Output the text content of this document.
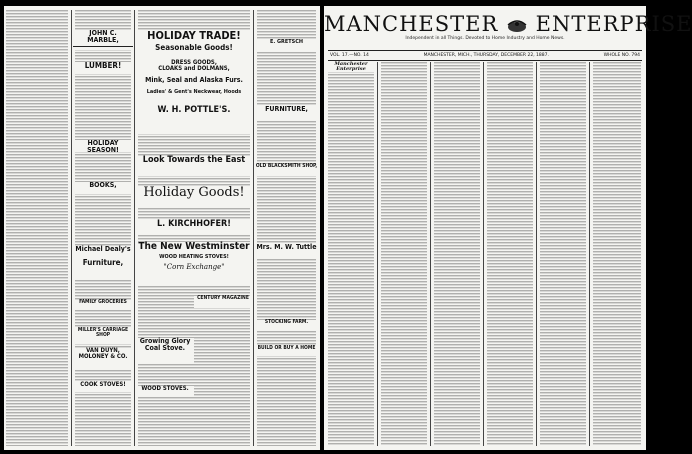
JOHN C. MARBLE,
LUMBER!
HOLIDAY SEASON!
BOOKS,
Michael Dealy's
Furniture,
FAMILY GROCERIES
MILLER'S CARRIAGE SHOP
VAN DUYN, MOLONEY & CO.
COOK STOVES!
HOLIDAY TRADE!
Seasonable Goods!
DRESS GOODS,
CLOAKS and DOLMANS,
Mink, Seal and Alaska Furs.
Ladies' & Gent's Neckwear, Hoods
W. H. POTTLE'S.
Look Towards the East
Holiday Goods!
L. KIRCHHOFER!
The New Westminster
WOOD HEATING STOVES!
"Corn Exchange"
CENTURY MAGAZINE
Growing Glory
Coal Stove.
WOOD STOVES.
E. GRETSCH
FURNITURE,
OLD BLACKSMITH SHOP,
Mrs. M. W. Tuttle
STOCKING FARM.
BUILD OR BUY A HOME
MANCHESTER ENTERPRISE
Independent in all Things. Devoted to Home Industry and Home News.
VOL. 17.—NO. 14	MANCHESTER, MICH., THURSDAY, DECEMBER 22, 1887.	WHOLE NO. 794
Manchester Enterprise
